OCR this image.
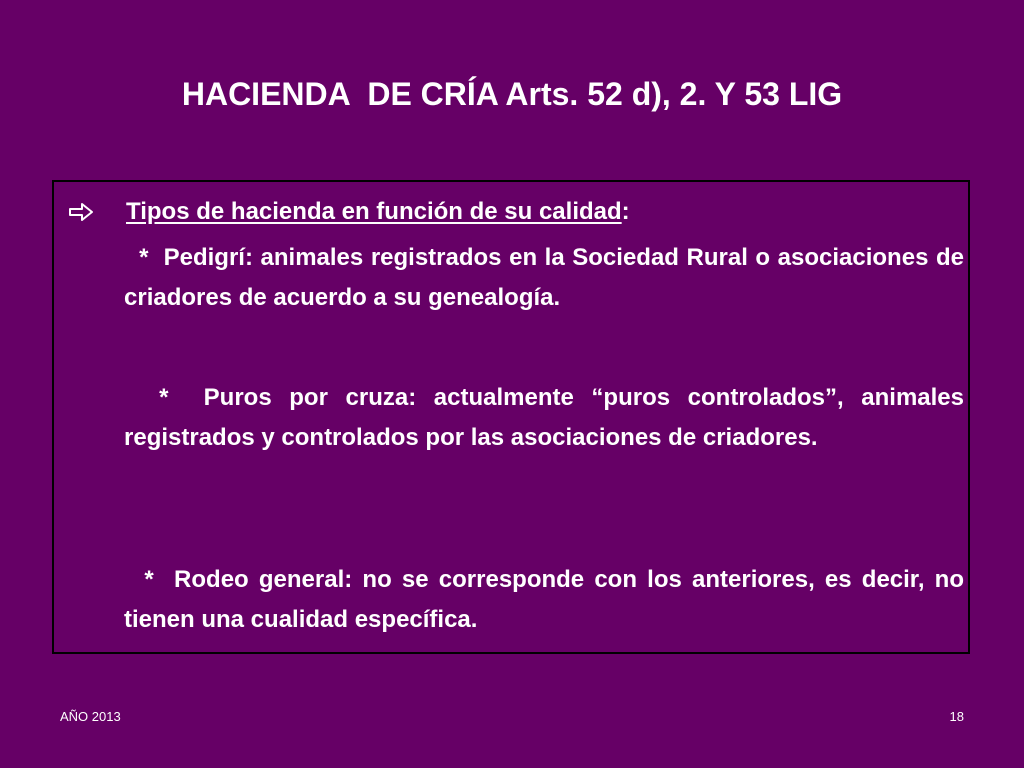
HACIENDA  DE CRÍA Arts. 52 d), 2. Y 53 LIG
Tipos de hacienda en función de su calidad:
*  Pedigrí: animales registrados en la Sociedad Rural o asociaciones de criadores de acuerdo a su genealogía.
*  Puros por cruza: actualmente “puros controlados”, animales registrados y controlados por las asociaciones de criadores.
*  Rodeo general: no se corresponde con los anteriores, es decir, no tienen una cualidad específica.
AÑO 2013	18
